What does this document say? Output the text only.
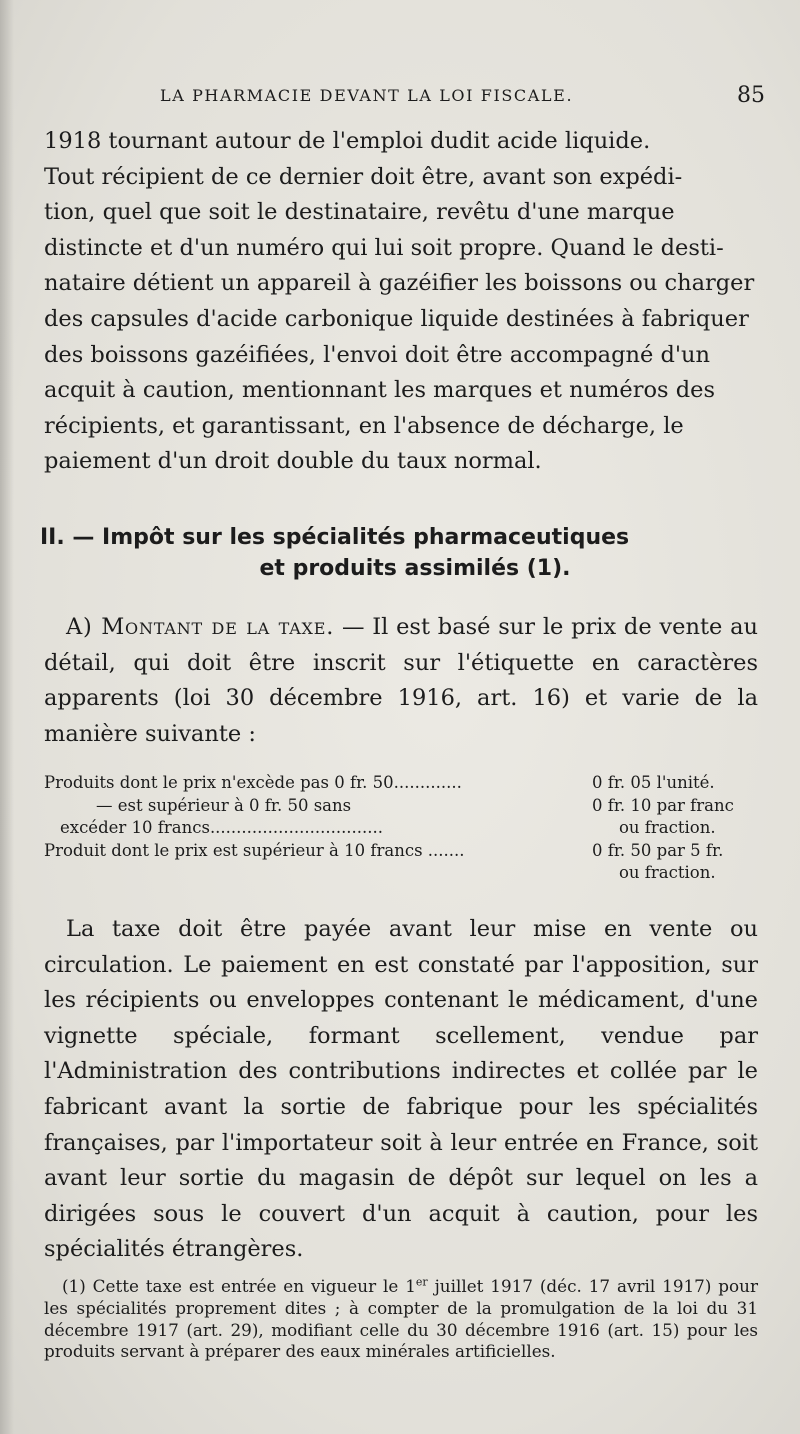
LA PHARMACIE DEVANT LA LOI FISCALE.	85
1918 tournant autour de l'emploi dudit acide liquide.
Tout récipient de ce dernier doit être, avant son expédi-
tion, quel que soit le destinataire, revêtu d'une marque
distincte et d'un numéro qui lui soit propre. Quand le desti-
nataire détient un appareil à gazéifier les boissons ou charger
des capsules d'acide carbonique liquide destinées à fabriquer
des boissons gazéifiées, l'envoi doit être accompagné d'un
acquit à caution, mentionnant les marques et numéros des
récipients, et garantissant, en l'absence de décharge, le
paiement d'un droit double du taux normal.
II. — Impôt sur les spécialités pharmaceutiques
et produits assimilés (1).
A) Montant de la taxe. — Il est basé sur le prix de vente au détail, qui doit être inscrit sur l'étiquette en caractères apparents (loi 30 décembre 1916, art. 16) et varie de la manière suivante :
Produits dont le prix n'excède pas 0 fr. 50.............	0 fr. 05 l'unité.
— est supérieur à 0 fr. 50 sans	0 fr. 10 par franc
excéder 10 francs.................................	ou fraction.
Produit dont le prix est supérieur à 10 francs .......	0 fr. 50 par 5 fr.
ou fraction.
La taxe doit être payée avant leur mise en vente ou circulation. Le paiement en est constaté par l'apposition, sur les récipients ou enveloppes contenant le médicament, d'une vignette spéciale, formant scellement, vendue par l'Administration des contributions indirectes et collée par le fabricant avant la sortie de fabrique pour les spécialités françaises, par l'importateur soit à leur entrée en France, soit avant leur sortie du magasin de dépôt sur lequel on les a dirigées sous le couvert d'un acquit à caution, pour les spécialités étrangères.
(1) Cette taxe est entrée en vigueur le 1er juillet 1917 (déc. 17 avril 1917) pour les spécialités proprement dites ; à compter de la promulgation de la loi du 31 décembre 1917 (art. 29), modifiant celle du 30 décembre 1916 (art. 15) pour les produits servant à préparer des eaux minérales artificielles.
